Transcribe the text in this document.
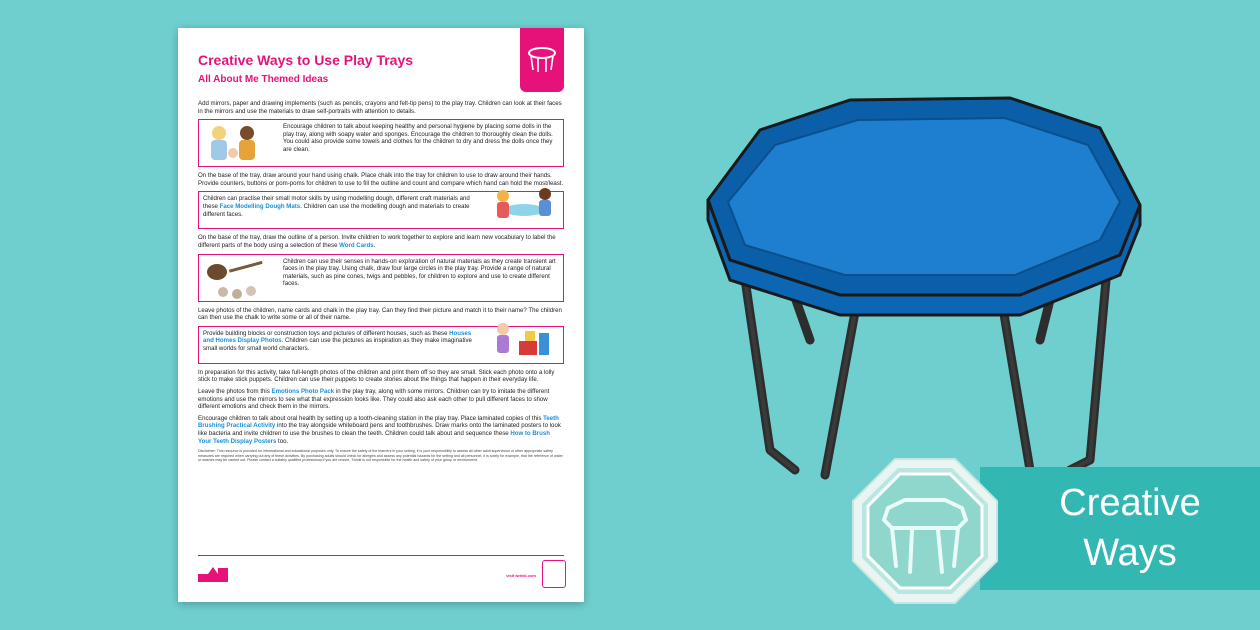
Creative Ways to Use Play Trays
All About Me Themed Ideas

Add mirrors, paper and drawing implements (such as pencils, crayons and felt-tip pens) to the play tray. Children can look at their faces in the mirrors and use the materials to draw self-portraits with attention to details.

Encourage children to talk about keeping healthy and personal hygiene by placing some dolls in the play tray, along with soapy water and sponges. Encourage the children to thoroughly clean the dolls. You could also provide some towels and clothes for the children to dry and dress the dolls once they are clean.

On the base of the tray, draw around your hand using chalk. Place chalk into the tray for children to use to draw around their hands. Provide counters, buttons or pom-poms for children to use to fill the outline and count and compare which hand can hold the most/least.

Children can practise their small motor skills by using modelling dough, different craft materials and these Face Modelling Dough Mats. Children can use the modelling dough and materials to create different faces.

On the base of the tray, draw the outline of a person. Invite children to work together to explore and learn new vocabulary to label the different parts of the body using a selection of these Word Cards.

Children can use their senses in hands-on exploration of natural materials as they create transient art faces in the play tray. Using chalk, draw four large circles in the play tray. Provide a range of natural materials, such as pine cones, twigs and pebbles, for children to explore and use to create different faces.

Leave photos of the children, name cards and chalk in the play tray. Can they find their picture and match it to their name? The children can then use the chalk to write some or all of their name.

Provide building blocks or construction toys and pictures of different houses, such as these Houses and Homes Display Photos. Children can use the pictures as inspiration as they make imaginative small worlds for small world characters.

In preparation for this activity, take full-length photos of the children and print them off so they are small. Stick each photo onto a lolly stick to make stick puppets. Children can use their puppets to create stories about the things that happen in their everyday life.

Leave the photos from this Emotions Photo Pack in the play tray, along with some mirrors. Children can try to imitate the different emotions and use the mirrors to see what that expression looks like. They could also ask each other to pull different faces to show different emotions and check them in the mirrors.

Encourage children to talk about oral health by setting up a tooth-cleaning station in the play tray. Place laminated copies of this Teeth Brushing Practical Activity into the tray alongside whiteboard pens and toothbrushes. Draw marks onto the laminated posters to look like bacteria and invite children to use the brushes to clean the teeth. Children could talk about and sequence these How to Brush Your Teeth Display Posters too.

Disclaimer: This resource is provided for informational and educational purposes only. To ensure the safety of the learners in your setting, it is your responsibility to assess all other adult supervision or other appropriate safety measures are required when carrying out any of these activities. By purchasing adults should check for allergies and assess any potential hazards for the setting and all personnel. It is solely for example, that the reference of water or washes may be carried out. Please contact a suitably qualified professional if you are unsure. Twinkl is not responsible for the health and safety of your group or environment.

visit twinkl.com
Creative
Ways
